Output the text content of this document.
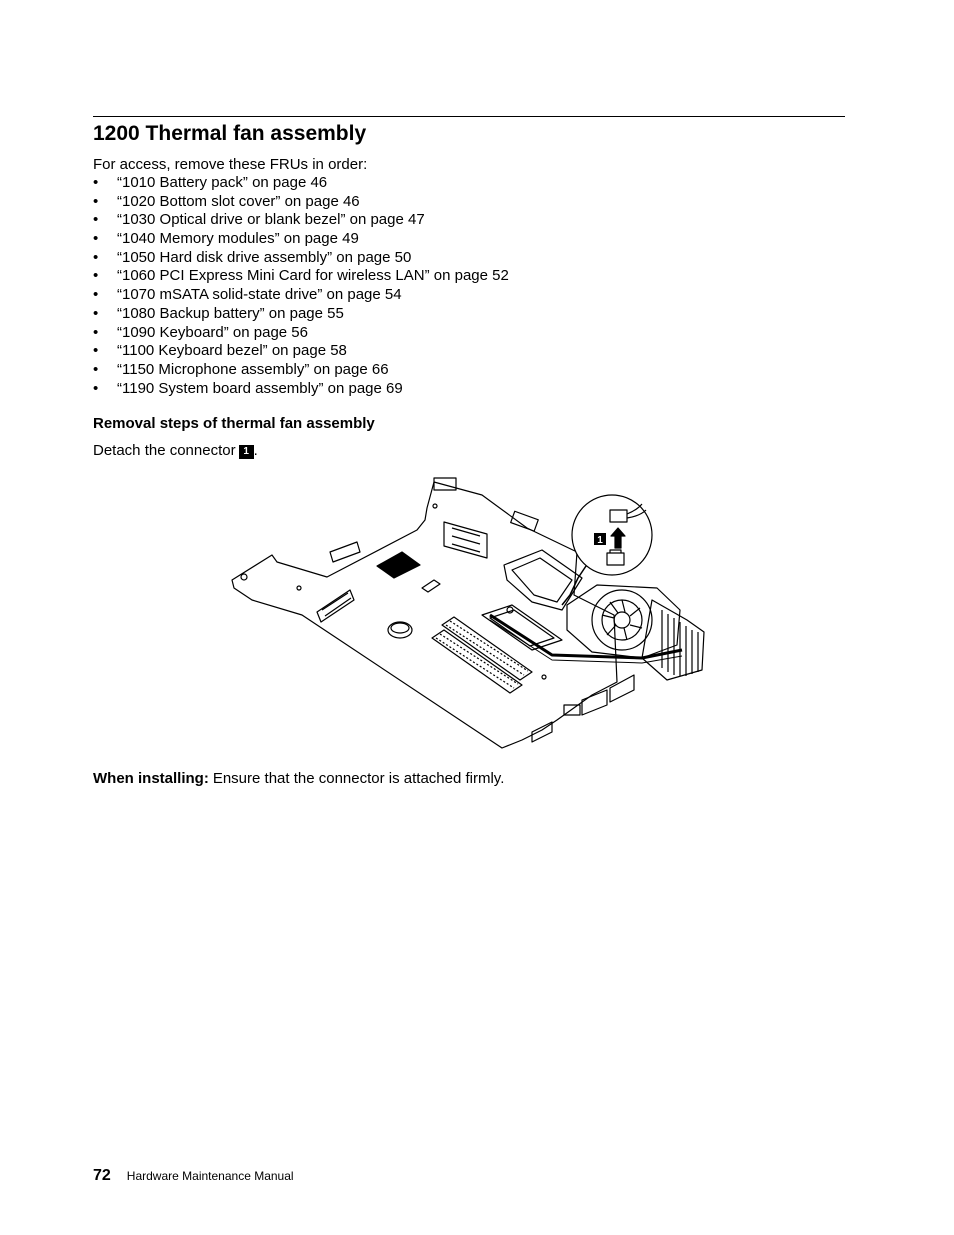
1200 Thermal fan assembly
For access, remove these FRUs in order:
• “1010 Battery pack” on page 46
• “1020 Bottom slot cover” on page 46
• “1030 Optical drive or blank bezel” on page 47
• “1040 Memory modules” on page 49
• “1050 Hard disk drive assembly” on page 50
• “1060 PCI Express Mini Card for wireless LAN” on page 52
• “1070 mSATA solid-state drive” on page 54
• “1080 Backup battery” on page 55
• “1090 Keyboard” on page 56
• “1100 Keyboard bezel” on page 58
• “1150 Microphone assembly” on page 66
• “1190 System board assembly” on page 69
Removal steps of thermal fan assembly
Detach the connector 1 .
1
When installing: Ensure that the connector is attached firmly.
72 Hardware Maintenance Manual
